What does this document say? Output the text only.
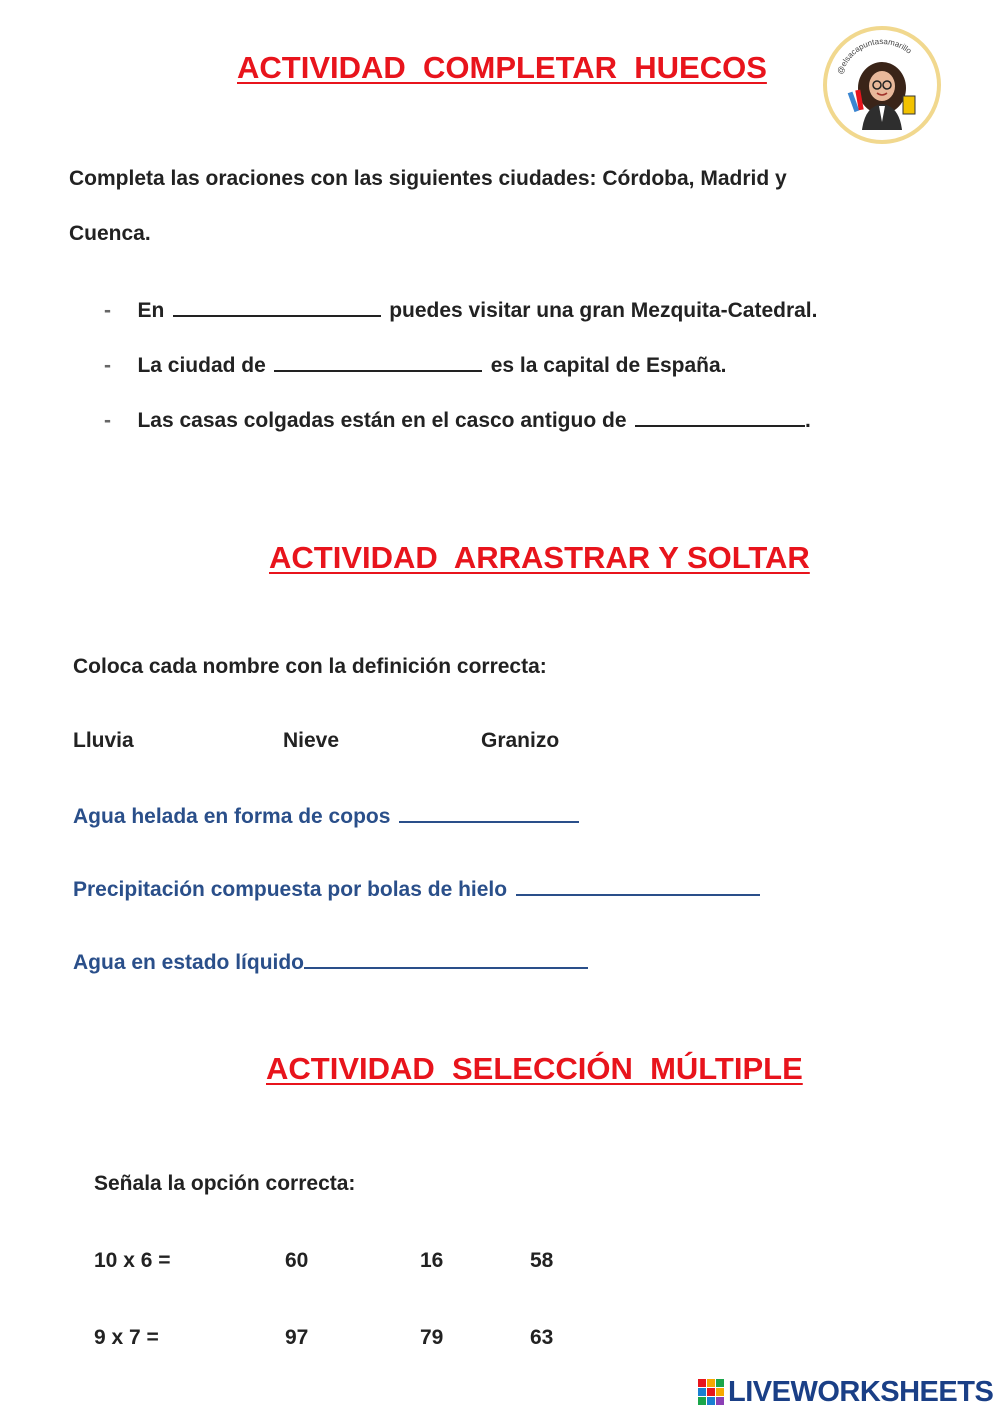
ACTIVIDAD  COMPLETAR  HUECOS	@elsacapuntasamarillo
Completa las oraciones con las siguientes ciudades: Córdoba, Madrid y
Cuenca.
- En	puedes visitar una gran Mezquita-Catedral.
- La ciudad de	es la capital de España.
- Las casas colgadas están en el casco antiguo de	.
ACTIVIDAD  ARRASTRAR Y SOLTAR
Coloca cada nombre con la definición correcta:
Lluvia	Nieve	Granizo
Agua helada en forma de copos
Precipitación compuesta por bolas de hielo
Agua en estado líquido
ACTIVIDAD  SELECCIÓN  MÚLTIPLE
Señala la opción correcta:
10 x 6 =	60	16	58
9 x 7 =	97	79	63
LIVEWORKSHEETS
